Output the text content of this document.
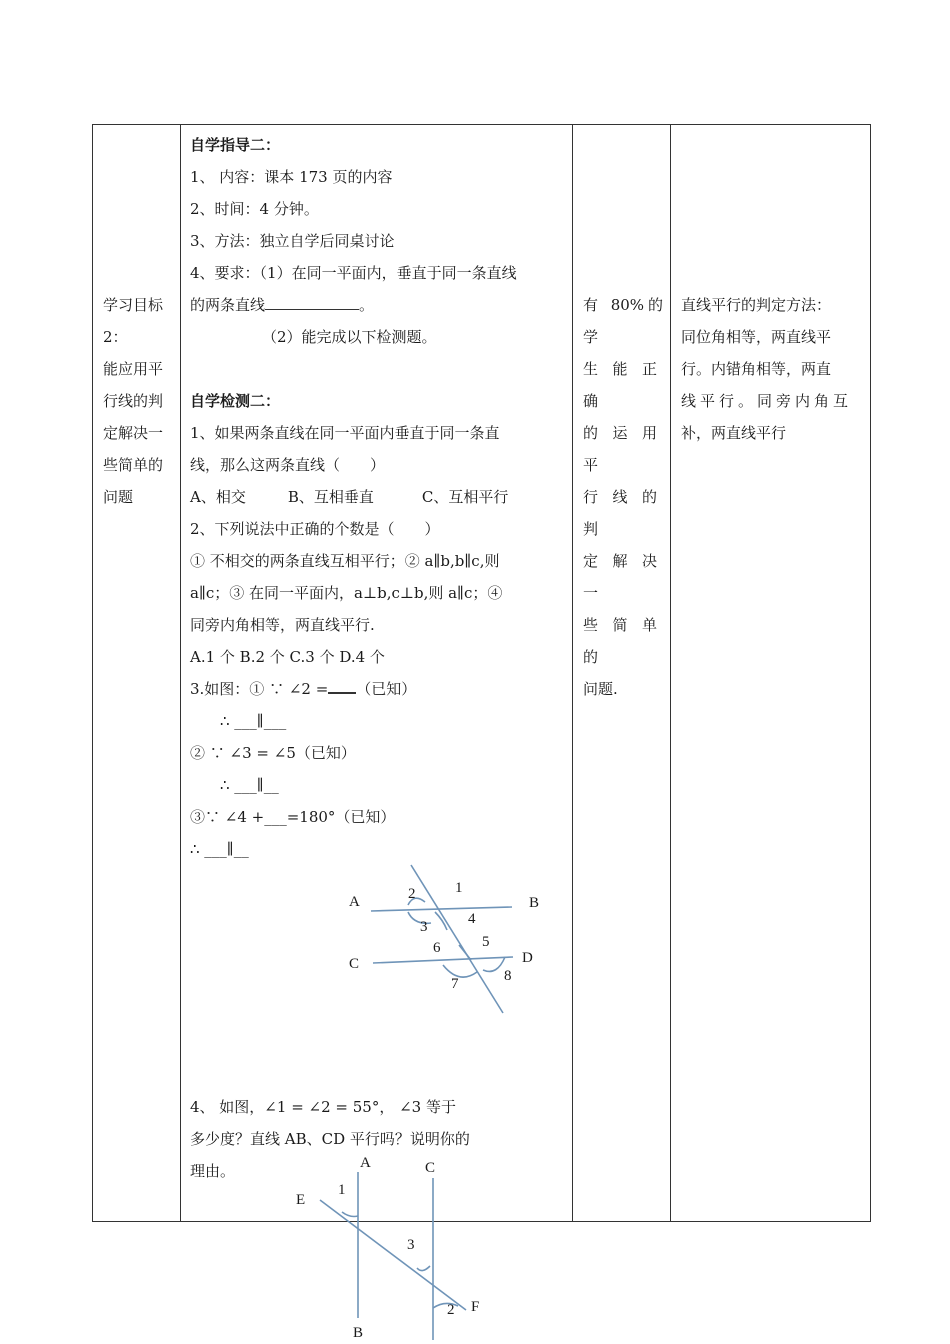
学习目标
2：
能应用平
行线的判
定解决一
些简单的
问题

自学指导二：
1、 内容：课本 173 页的内容
2、时间：4 分钟。
3、方法：独立自学后同桌讨论
4、要求：（1）在同一平面内，垂直于同一条直线
的两条直线	。
（2）能完成以下检测题。

自学检测二：
1、如果两条直线在同一平面内垂直于同一条直
线，那么这两条直线（　　）
A、相交	B、互相垂直	C、互相平行
2、下列说法中正确的个数是（　　）
① 不相交的两条直线互相平行；② a∥b,b∥c,则
a∥c；③ 在同一平面内，a⊥b,c⊥b,则 a∥c；④
同旁内角相等，两直线平行.
A.1 个 B.2 个 C.3 个 D.4 个
3.如图：① ∵ ∠2 = （已知）
∴ ___∥___
② ∵ ∠3 = ∠5（已知）
∴ ___∥__
③∵ ∠4 +___=180°（已知）
∴ ___∥__
A	B
C	D
1
2
3	4
5
6
7	8
4、 如图，∠1 = ∠2 = 55°， ∠3 等于
多少度？直线 AB、CD 平行吗？说明你的
理由。

有 80%的学
生能正确
的运用平
行线的判
定解决一
些简单的
问题.

直线平行的判定方法：
同位角相等，两直线平
行。内错角相等，两直
线平行。同旁内角互
补，两直线平行
A	C
E
1
3
2 F
B
